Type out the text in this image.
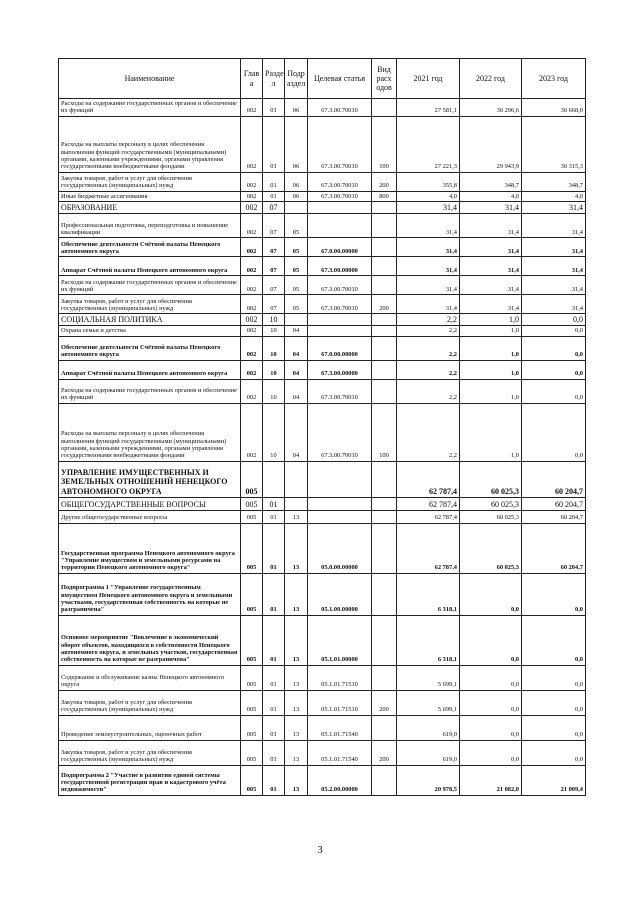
Наименование	Глав а	Разде л	Подр аздел	Целевая статья	Вид расх одов	2021 год	2022 год	2023 год
Расходы на содержание государственных органов и обеспечение их функций	002	01	06	67.3.00.70010		27 581,1	30 296,6	30 668,0
Расходы на выплаты персоналу в целях обеспечения выполнения функций государственными (муниципальными) органами, казенными учреждениями, органами управления государственными внебюджетными фондами	002	01	06	67.3.00.70010	100	27 221,3	29 943,9	30 315,3
Закупка товаров, работ и услуг для обеспечения государственных (муниципальных) нужд	002	01	06	67.3.00.70010	200	355,8	348,7	348,7
Иные бюджетные ассигнования	002	01	06	67.3.00.70010	800	4,0	4,0	4,0
ОБРАЗОВАНИЕ	002	07				31,4	31,4	31,4
Профессиональная подготовка, переподготовка и повышение квалификации	002	07	05			31,4	31,4	31,4
Обеспечение деятельности Счётной палаты Ненецкого автономного округа	002	07	05	67.0.00.00000		31,4	31,4	31,4
Аппарат Счётной палаты Ненецкого автономного округа	002	07	05	67.3.00.00000		31,4	31,4	31,4
Расходы на содержание государственных органов и обеспечение их функций	002	07	05	67.3.00.70010		31,4	31,4	31,4
Закупка товаров, работ и услуг для обеспечения государственных (муниципальных) нужд	002	07	05	67.3.00.70010	200	31,4	31,4	31,4
СОЦИАЛЬНАЯ ПОЛИТИКА	002	10				2,2	1,0	0,0
Охрана семьи и детства	002	10	04			2,2	1,0	0,0
Обеспечение деятельности Счётной палаты Ненецкого автономного округа	002	10	04	67.0.00.00000		2,2	1,0	0,0
Аппарат Счётной палаты Ненецкого автономного округа	002	10	04	67.3.00.00000		2,2	1,0	0,0
Расходы на содержание государственных органов и обеспечение их функций	002	10	04	67.3.00.70010		2,2	1,0	0,0
Расходы на выплаты персоналу в целях обеспечения выполнения функций государственными (муниципальными) органами, казенными учреждениями, органами управления государственными внебюджетными фондами	002	10	04	67.3.00.70010	100	2,2	1,0	0,0
УПРАВЛЕНИЕ ИМУЩЕСТВЕННЫХ И ЗЕМЕЛЬНЫХ ОТНОШЕНИЙ НЕНЕЦКОГО АВТОНОМНОГО ОКРУГА	005					62 787,4	60 025,3	60 204,7
ОБЩЕГОСУДАРСТВЕННЫЕ ВОПРОСЫ	005	01				62 787,4	60 025,3	60 204,7
Другие общегосударственные вопросы	005	01	13			62 787,4	60 025,3	60 204,7
Государственная программа Ненецкого автономного округа "Управление имуществом и земельными ресурсами на территории Ненецкого автономного округа"	005	01	13	05.0.00.00000		62 787,4	60 025,3	60 204,7
Подпрограмма 1 "Управление государственным имуществом Ненецкого автономного округа и земельными участками, государственная собственность на которые не разграничена"	005	01	13	05.1.00.00000		6 318,1	0,0	0,0
Основное мероприятие "Вовлечение в экономический оборот объектов, находящихся в собственности Ненецкого автономного округа, и земельных участков, государственная собственность на которые не разграничена"	005	01	13	05.1.01.00000		6 318,1	0,0	0,0
Содержание и обслуживание казны Ненецкого автономного округа	005	01	13	05.1.01.71510		5 699,1	0,0	0,0
Закупка товаров, работ и услуг для обеспечения государственных (муниципальных) нужд	005	01	13	05.1.01.71510	200	5 699,1	0,0	0,0
Проведение землеустроительных, оценочных работ	005	01	13	05.1.01.71540		619,0	0,0	0,0
Закупка товаров, работ и услуг для обеспечения государственных (муниципальных) нужд	005	01	13	05.1.01.71540	200	619,0	0,0	0,0
Подпрограмма 2 "Участие в развитии единой системы государственной регистрации прав и кадастрового учёта недвижимости"	005	01	13	05.2.00.00000		20 978,5	21 082,0	21 009,4
3
